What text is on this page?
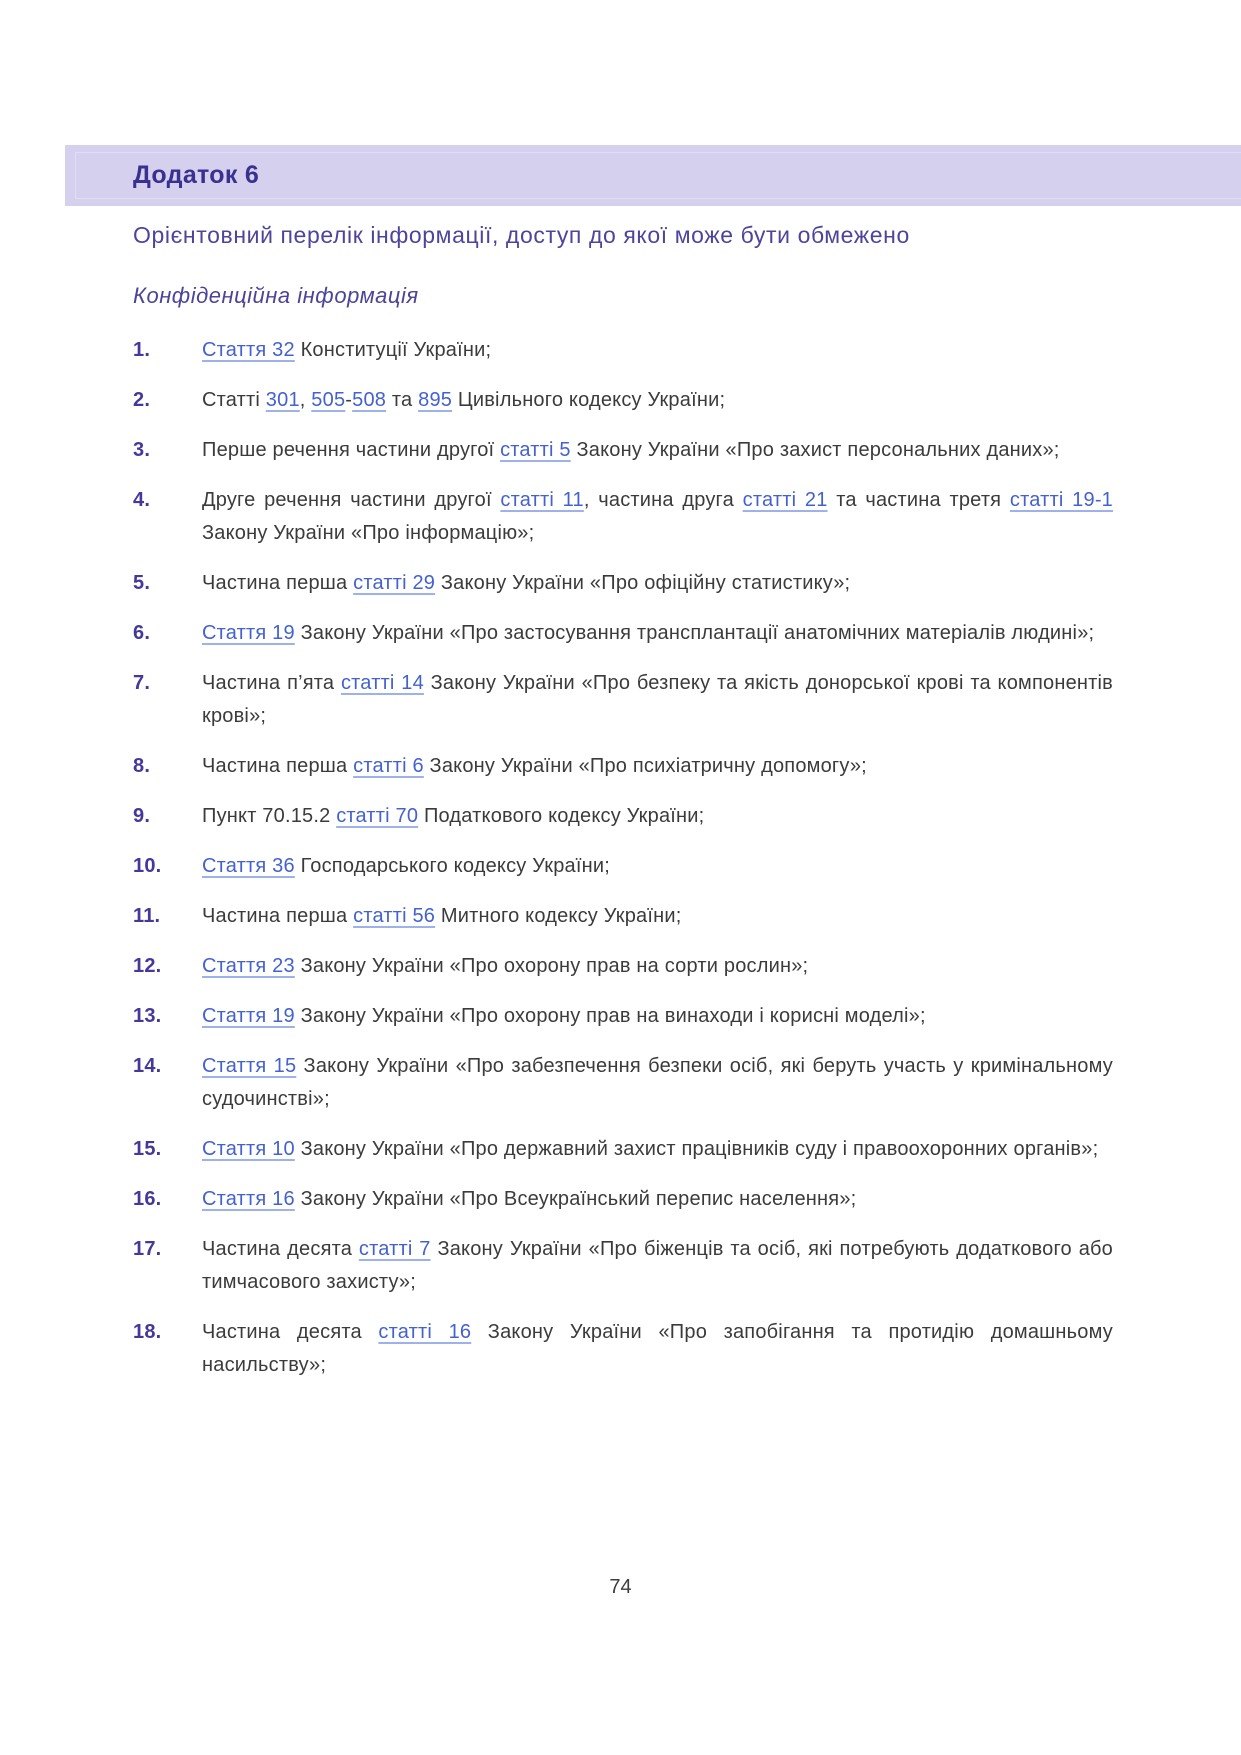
Додаток 6

Орієнтовний перелік інформації, доступ до якої може бути обмежено

Конфіденційна інформація

1.	Стаття 32 Конституції України;
2.	Статті 301, 505-508 та 895 Цивільного кодексу України;
3.	Перше речення частини другої статті 5 Закону України «Про захист персональних даних»;
4.	Друге речення частини другої статті 11, частина друга статті 21 та частина третя статті 19-1 Закону України «Про інформацію»;
5.	Частина перша статті 29 Закону України «Про офіційну статистику»;
6.	Стаття 19 Закону України «Про застосування трансплантації анатомічних матеріалів людині»;
7.	Частина п’ята статті 14 Закону України «Про безпеку та якість донорської крові та компонентів крові»;
8.	Частина перша статті 6 Закону України «Про психіатричну допомогу»;
9.	Пункт 70.15.2 статті 70 Податкового кодексу України;
10. Стаття 36 Господарського кодексу України;
11. Частина перша статті 56 Митного кодексу України;
12. Стаття 23 Закону України «Про охорону прав на сорти рослин»;
13. Стаття 19 Закону України «Про охорону прав на винаходи і корисні моделі»;
14. Стаття 15 Закону України «Про забезпечення безпеки осіб, які беруть участь у кримінальному судочинстві»;
15. Стаття 10 Закону України «Про державний захист працівників суду і правоохоронних органів»;
16. Стаття 16 Закону України «Про Всеукраїнський перепис населення»;
17. Частина десята статті 7 Закону України «Про біженців та осіб, які потребують додаткового або тимчасового захисту»;
18. Частина десята статті 16 Закону України «Про запобігання та протидію домашньому насильству»;
74
